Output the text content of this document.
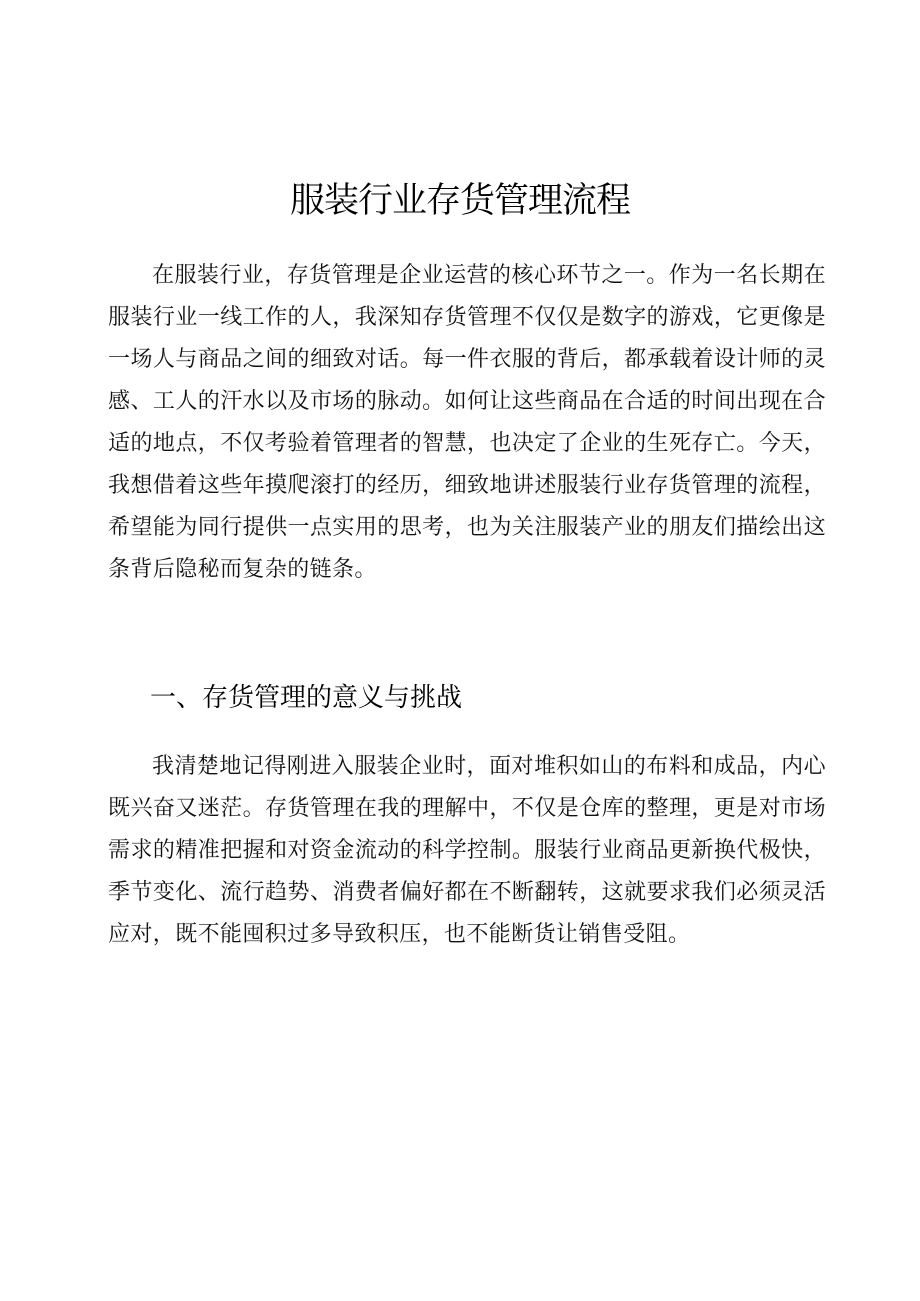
服装行业存货管理流程

在服装行业，存货管理是企业运营的核心环节之一。作为一名长期在服装行业一线工作的人，我深知存货管理不仅仅是数字的游戏，它更像是一场人与商品之间的细致对话。每一件衣服的背后，都承载着设计师的灵感、工人的汗水以及市场的脉动。如何让这些商品在合适的时间出现在合适的地点，不仅考验着管理者的智慧，也决定了企业的生死存亡。今天，我想借着这些年摸爬滚打的经历，细致地讲述服装行业存货管理的流程，希望能为同行提供一点实用的思考，也为关注服装产业的朋友们描绘出这条背后隐秘而复杂的链条。

一、存货管理的意义与挑战

我清楚地记得刚进入服装企业时，面对堆积如山的布料和成品，内心既兴奋又迷茫。存货管理在我的理解中，不仅是仓库的整理，更是对市场需求的精准把握和对资金流动的科学控制。服装行业商品更新换代极快，季节变化、流行趋势、消费者偏好都在不断翻转，这就要求我们必须灵活应对，既不能囤积过多导致积压，也不能断货让销售受阻。
